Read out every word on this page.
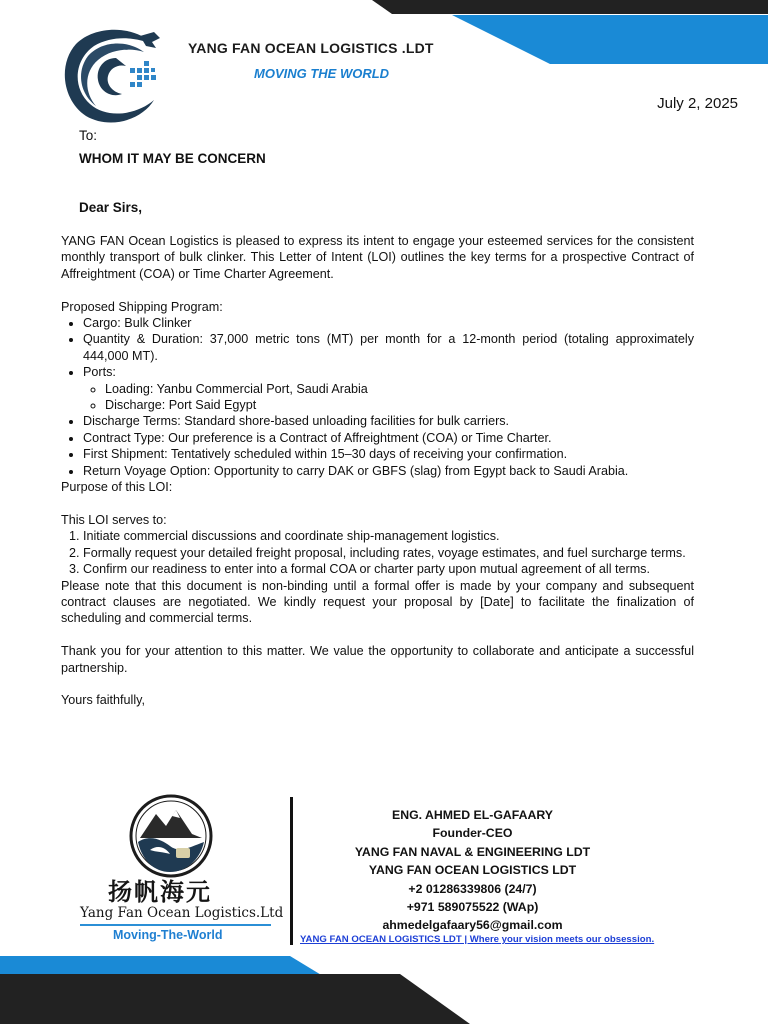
YANG FAN OCEAN LOGISTICS .LDT
MOVING THE WORLD
July 2, 2025
To:
WHOM IT MAY BE CONCERN
Dear Sirs,

YANG FAN Ocean Logistics is pleased to express its intent to engage your esteemed services for the consistent monthly transport of bulk clinker. This Letter of Intent (LOI) outlines the key terms for a prospective Contract of Affreightment (COA) or Time Charter Agreement.

Proposed Shipping Program:

• Cargo: Bulk Clinker
• Quantity & Duration: 37,000 metric tons (MT) per month for a 12-month period (totaling approximately 444,000 MT).
• Ports:
◦ Loading: Yanbu Commercial Port, Saudi Arabia
◦ Discharge: Port Said Egypt
• Discharge Terms: Standard shore-based unloading facilities for bulk carriers.
• Contract Type: Our preference is a Contract of Affreightment (COA) or Time Charter.
• First Shipment: Tentatively scheduled within 15–30 days of receiving your confirmation.
• Return Voyage Option: Opportunity to carry DAK or GBFS (slag) from Egypt back to Saudi Arabia.

Purpose of this LOI:

This LOI serves to:

1. Initiate commercial discussions and coordinate ship-management logistics.
2. Formally request your detailed freight proposal, including rates, voyage estimates, and fuel surcharge terms.
3. Confirm our readiness to enter into a formal COA or charter party upon mutual agreement of all terms.

Please note that this document is non-binding until a formal offer is made by your company and subsequent contract clauses are negotiated. We kindly request your proposal by [Date] to facilitate the finalization of scheduling and commercial terms.

Thank you for your attention to this matter. We value the opportunity to collaborate and anticipate a successful partnership.

Yours faithfully,

扬帆海元
Yang Fan Ocean Logistics.Ltd
Moving-The-World
ENG. AHMED EL-GAFAARY
Founder-CEO
YANG FAN NAVAL & ENGINEERING LDT
YANG FAN OCEAN LOGISTICS LDT
+2 01286339806 (24/7)
+971 589075522 (WAp)
ahmedelgafaary56@gmail.com
YANG FAN OCEAN LOGISTICS LDT | Where your vision meets our obsession.
